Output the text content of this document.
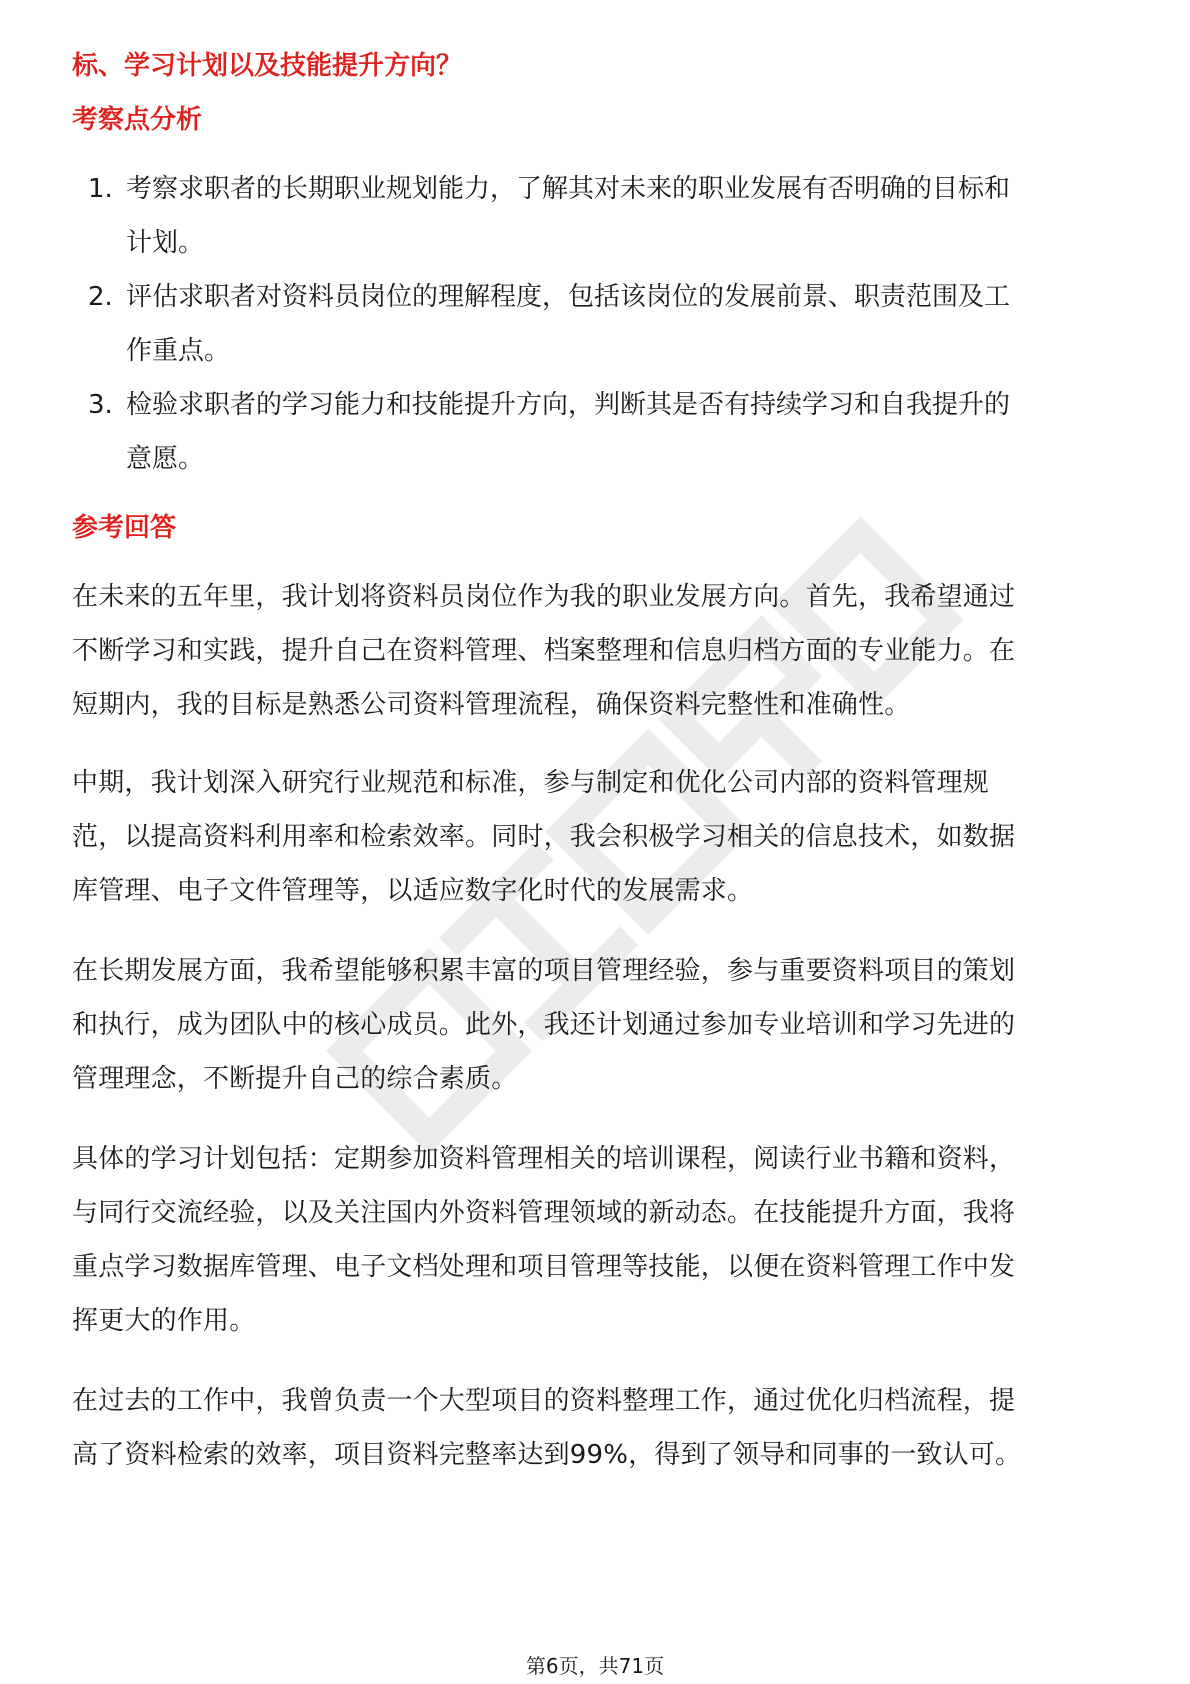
标、学习计划以及技能提升方向？
考察点分析
1. 考察求职者的长期职业规划能力，了解其对未来的职业发展有否明确的目标和
计划。
2. 评估求职者对资料员岗位的理解程度，包括该岗位的发展前景、职责范围及工
作重点。
3. 检验求职者的学习能力和技能提升方向，判断其是否有持续学习和自我提升的
意愿。
参考回答
在未来的五年里，我计划将资料员岗位作为我的职业发展方向。首先，我希望通过
不断学习和实践，提升自己在资料管理、档案整理和信息归档方面的专业能力。在
短期内，我的目标是熟悉公司资料管理流程，确保资料完整性和准确性。
中期，我计划深入研究行业规范和标准，参与制定和优化公司内部的资料管理规
范，以提高资料利用率和检索效率。同时，我会积极学习相关的信息技术，如数据
库管理、电子文件管理等，以适应数字化时代的发展需求。
在长期发展方面，我希望能够积累丰富的项目管理经验，参与重要资料项目的策划
和执行，成为团队中的核心成员。此外，我还计划通过参加专业培训和学习先进的
管理理念，不断提升自己的综合素质。
具体的学习计划包括：定期参加资料管理相关的培训课程，阅读行业书籍和资料，
与同行交流经验，以及关注国内外资料管理领域的新动态。在技能提升方面，我将
重点学习数据库管理、电子文档处理和项目管理等技能，以便在资料管理工作中发
挥更大的作用。
在过去的工作中，我曾负责一个大型项目的资料整理工作，通过优化归档流程，提
高了资料检索的效率，项目资料完整率达到99%，得到了领导和同事的一致认可。
第6页，共71页
